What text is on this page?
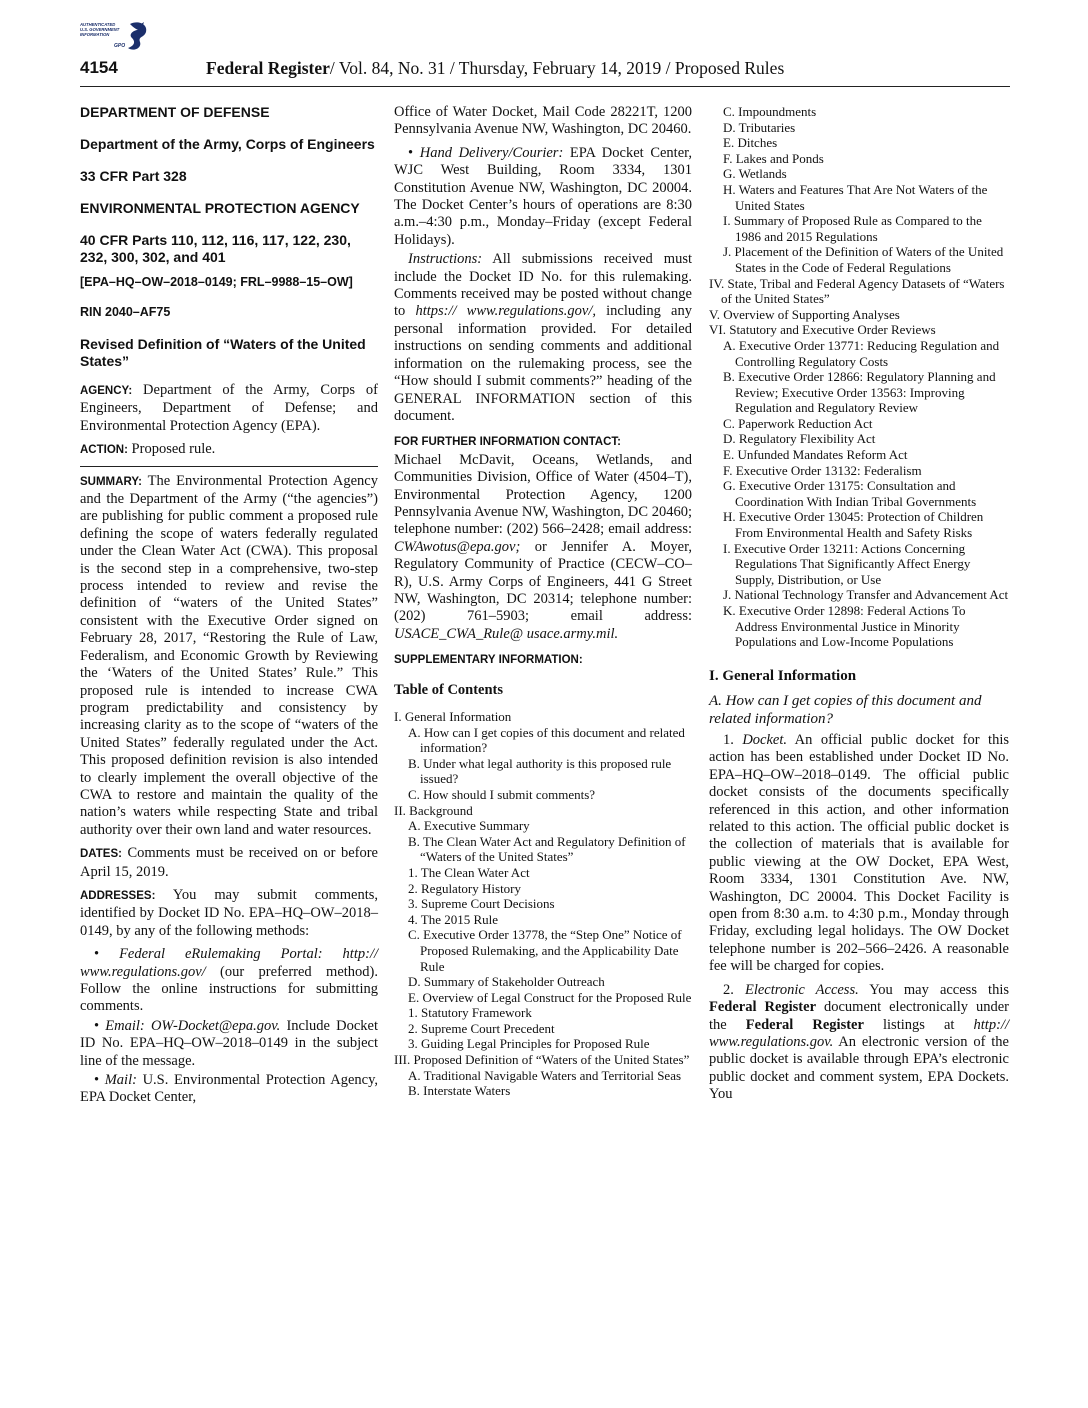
AUTHENTICATED
U.S. GOVERNMENT
INFORMATION
GPO
4154	Federal Register/ Vol. 84, No. 31 / Thursday, February 14, 2019 / Proposed Rules
DEPARTMENT OF DEFENSE
Department of the Army, Corps of Engineers
33 CFR Part 328
ENVIRONMENTAL PROTECTION AGENCY
40 CFR Parts 110, 112, 116, 117, 122, 230, 232, 300, 302, and 401
[EPA–HQ–OW–2018–0149; FRL–9988–15–OW]
RIN 2040–AF75
Revised Definition of “Waters of the United States”
AGENCY: Department of the Army, Corps of Engineers, Department of Defense; and Environmental Protection Agency (EPA).
ACTION: Proposed rule.
SUMMARY: The Environmental Protection Agency and the Department of the Army (“the agencies”) are publishing for public comment a proposed rule defining the scope of waters federally regulated under the Clean Water Act (CWA). This proposal is the second step in a comprehensive, two-step process intended to review and revise the definition of “waters of the United States” consistent with the Executive Order signed on February 28, 2017, “Restoring the Rule of Law, Federalism, and Economic Growth by Reviewing the ‘Waters of the United States’ Rule.” This proposed rule is intended to increase CWA program predictability and consistency by increasing clarity as to the scope of “waters of the United States” federally regulated under the Act. This proposed definition revision is also intended to clearly implement the overall objective of the CWA to restore and maintain the quality of the nation’s waters while respecting State and tribal authority over their own land and water resources.
DATES: Comments must be received on or before April 15, 2019.
ADDRESSES: You may submit comments, identified by Docket ID No. EPA–HQ–OW–2018–0149, by any of the following methods:
• Federal eRulemaking Portal: http:// www.regulations.gov/ (our preferred method). Follow the online instructions for submitting comments.
• Email: OW-Docket@epa.gov. Include Docket ID No. EPA–HQ–OW–2018–0149 in the subject line of the message.
• Mail: U.S. Environmental Protection Agency, EPA Docket Center,
Office of Water Docket, Mail Code 28221T, 1200 Pennsylvania Avenue NW, Washington, DC 20460.
• Hand Delivery/Courier: EPA Docket Center, WJC West Building, Room 3334, 1301 Constitution Avenue NW, Washington, DC 20004. The Docket Center’s hours of operations are 8:30 a.m.–4:30 p.m., Monday–Friday (except Federal Holidays).
Instructions: All submissions received must include the Docket ID No. for this rulemaking. Comments received may be posted without change to https:// www.regulations.gov/, including any personal information provided. For detailed instructions on sending comments and additional information on the rulemaking process, see the “How should I submit comments?” heading of the GENERAL INFORMATION section of this document.
FOR FURTHER INFORMATION CONTACT:
Michael McDavit, Oceans, Wetlands, and Communities Division, Office of Water (4504–T), Environmental Protection Agency, 1200 Pennsylvania Avenue NW, Washington, DC 20460; telephone number: (202) 566–2428; email address: CWAwotus@epa.gov; or Jennifer A. Moyer, Regulatory Community of Practice (CECW–CO–R), U.S. Army Corps of Engineers, 441 G Street NW, Washington, DC 20314; telephone number: (202) 761–5903; email address: USACE_CWA_Rule@ usace.army.mil.
SUPPLEMENTARY INFORMATION:
Table of Contents
I. General Information
A. How can I get copies of this document and related information?
B. Under what legal authority is this proposed rule issued?
C. How should I submit comments?
II. Background
A. Executive Summary
B. The Clean Water Act and Regulatory Definition of “Waters of the United States”
1. The Clean Water Act
2. Regulatory History
3. Supreme Court Decisions
4. The 2015 Rule
C. Executive Order 13778, the “Step One” Notice of Proposed Rulemaking, and the Applicability Date Rule
D. Summary of Stakeholder Outreach
E. Overview of Legal Construct for the Proposed Rule
1. Statutory Framework
2. Supreme Court Precedent
3. Guiding Legal Principles for Proposed Rule
III. Proposed Definition of “Waters of the United States”
A. Traditional Navigable Waters and Territorial Seas
B. Interstate Waters
C. Impoundments
D. Tributaries
E. Ditches
F. Lakes and Ponds
G. Wetlands
H. Waters and Features That Are Not Waters of the United States
I. Summary of Proposed Rule as Compared to the 1986 and 2015 Regulations
J. Placement of the Definition of Waters of the United States in the Code of Federal Regulations
IV. State, Tribal and Federal Agency Datasets of “Waters of the United States”
V. Overview of Supporting Analyses
VI. Statutory and Executive Order Reviews
A. Executive Order 13771: Reducing Regulation and Controlling Regulatory Costs
B. Executive Order 12866: Regulatory Planning and Review; Executive Order 13563: Improving Regulation and Regulatory Review
C. Paperwork Reduction Act
D. Regulatory Flexibility Act
E. Unfunded Mandates Reform Act
F. Executive Order 13132: Federalism
G. Executive Order 13175: Consultation and Coordination With Indian Tribal Governments
H. Executive Order 13045: Protection of Children From Environmental Health and Safety Risks
I. Executive Order 13211: Actions Concerning Regulations That Significantly Affect Energy Supply, Distribution, or Use
J. National Technology Transfer and Advancement Act
K. Executive Order 12898: Federal Actions To Address Environmental Justice in Minority Populations and Low-Income Populations
I. General Information
A. How can I get copies of this document and related information?
1. Docket. An official public docket for this action has been established under Docket ID No. EPA–HQ–OW–2018–0149. The official public docket consists of the documents specifically referenced in this action, and other information related to this action. The official public docket is the collection of materials that is available for public viewing at the OW Docket, EPA West, Room 3334, 1301 Constitution Ave. NW, Washington, DC 20004. This Docket Facility is open from 8:30 a.m. to 4:30 p.m., Monday through Friday, excluding legal holidays. The OW Docket telephone number is 202–566–2426. A reasonable fee will be charged for copies.
2. Electronic Access. You may access this Federal Register document electronically under the Federal Register listings at http:// www.regulations.gov. An electronic version of the public docket is available through EPA’s electronic public docket and comment system, EPA Dockets. You
